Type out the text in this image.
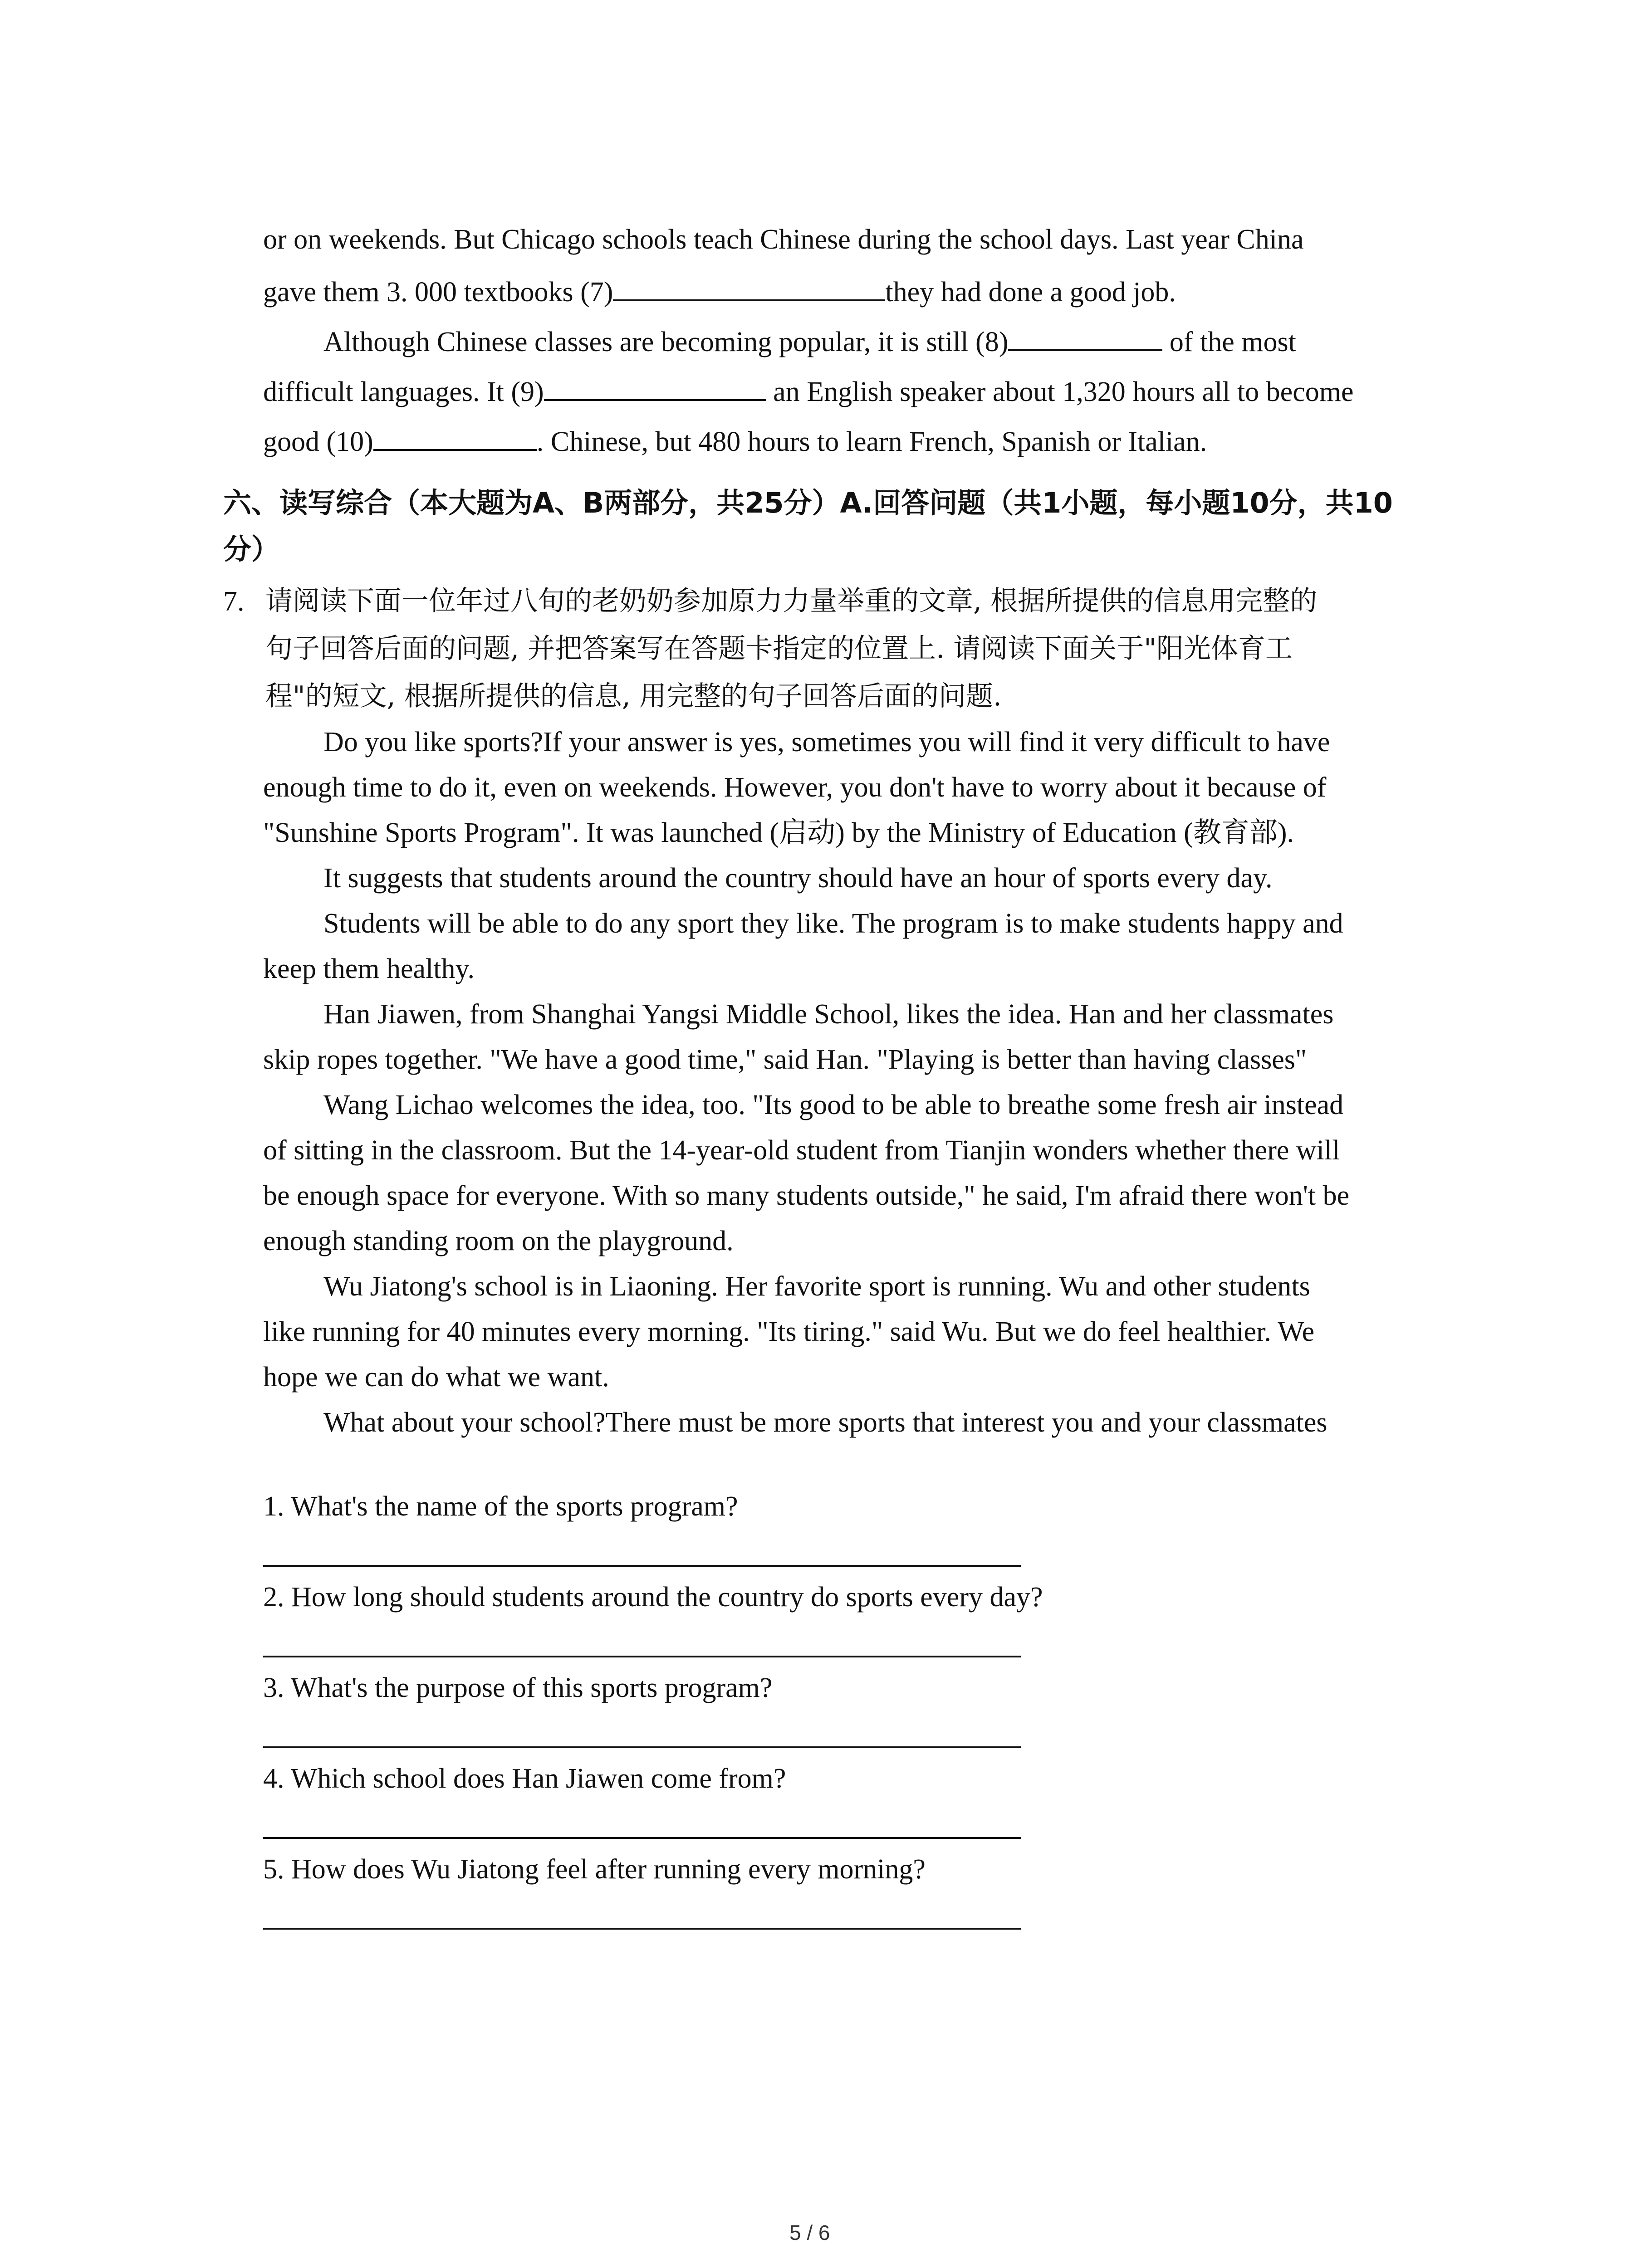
or on weekends. But Chicago schools teach Chinese during the school days. Last year China
gave them 3. 000 textbooks (7)	they had done a good job.
Although Chinese classes are becoming popular, it is still (8)	of the most
difficult languages. It (9)	an English speaker about 1,320 hours all to become
good (10)	. Chinese, but 480 hours to learn French, Spanish or Italian.
六、读写综合（本大题为A、B两部分，共25分）A.回答问题（共1小题，每小题10分，共10
分）
7. 请阅读下面一位年过八旬的老奶奶参加原力力量举重的文章, 根据所提供的信息用完整的
句子回答后面的问题, 并把答案写在答题卡指定的位置上. 请阅读下面关于"阳光体育工
程"的短文, 根据所提供的信息, 用完整的句子回答后面的问题.
Do you like sports?If your answer is yes, sometimes you will find it very difficult to have
enough time to do it, even on weekends. However, you don't have to worry about it because of
"Sunshine Sports Program". It was launched (启动) by the Ministry of Education (教育部).
It suggests that students around the country should have an hour of sports every day.
Students will be able to do any sport they like. The program is to make students happy and
keep them healthy.
Han Jiawen, from Shanghai Yangsi Middle School, likes the idea. Han and her classmates
skip ropes together. "We have a good time," said Han. "Playing is better than having classes"
Wang Lichao welcomes the idea, too. "Its good to be able to breathe some fresh air instead
of sitting in the classroom. But the 14-year-old student from Tianjin wonders whether there will
be enough space for everyone. With so many students outside," he said, I'm afraid there won't be
enough standing room on the playground.
Wu Jiatong's school is in Liaoning. Her favorite sport is running. Wu and other students
like running for 40 minutes every morning. "Its tiring." said Wu. But we do feel healthier. We
hope we can do what we want.
What about your school?There must be more sports that interest you and your classmates
1. What's the name of the sports program?
2. How long should students around the country do sports every day?
3. What's the purpose of this sports program?
4. Which school does Han Jiawen come from?
5. How does Wu Jiatong feel after running every morning?
5 / 6
